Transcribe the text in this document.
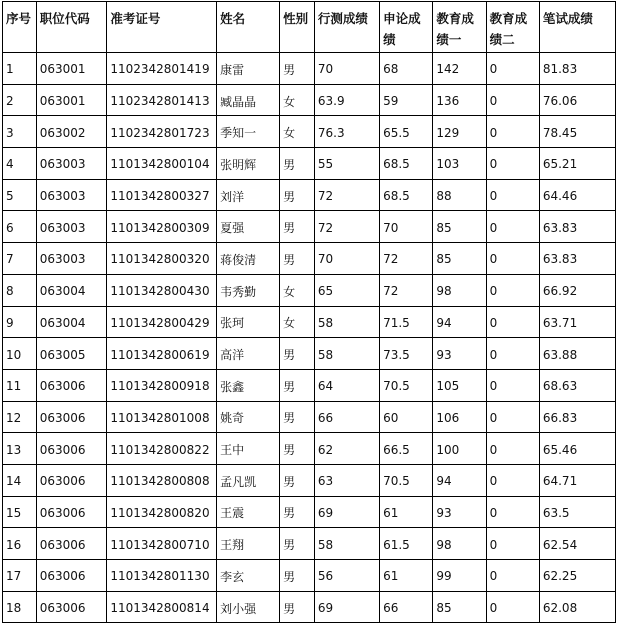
序号	职位代码	准考证号	姓名	性别	行测成绩	申论成绩	教育成绩一	教育成绩二	笔试成绩
1	063001	1102342801419	康雷	男	70	68	142	0	81.83
2	063001	1102342801413	臧晶晶	女	63.9	59	136	0	76.06
3	063002	1102342801723	季知一	女	76.3	65.5	129	0	78.45
4	063003	1101342800104	张明辉	男	55	68.5	103	0	65.21
5	063003	1101342800327	刘洋	男	72	68.5	88	0	64.46
6	063003	1101342800309	夏强	男	72	70	85	0	63.83
7	063003	1101342800320	蒋俊清	男	70	72	85	0	63.83
8	063004	1101342800430	韦秀勤	女	65	72	98	0	66.92
9	063004	1101342800429	张珂	女	58	71.5	94	0	63.71
10	063005	1101342800619	高洋	男	58	73.5	93	0	63.88
11	063006	1101342800918	张鑫	男	64	70.5	105	0	68.63
12	063006	1101342801008	姚奇	男	66	60	106	0	66.83
13	063006	1101342800822	王中	男	62	66.5	100	0	65.46
14	063006	1101342800808	孟凡凯	男	63	70.5	94	0	64.71
15	063006	1101342800820	王震	男	69	61	93	0	63.5
16	063006	1101342800710	王翔	男	58	61.5	98	0	62.54
17	063006	1101342801130	李玄	男	56	61	99	0	62.25
18	063006	1101342800814	刘小强	男	69	66	85	0	62.08
